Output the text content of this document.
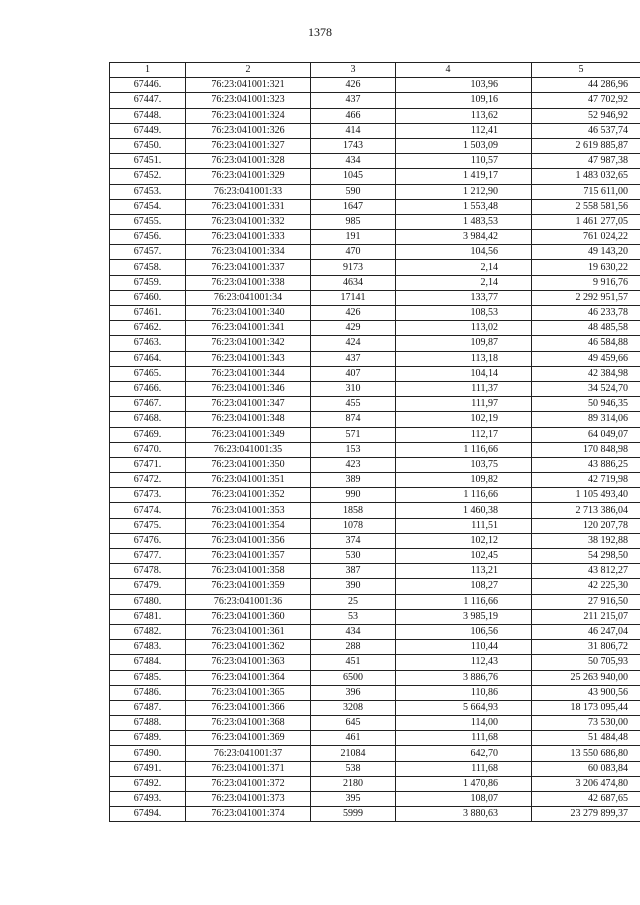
1378
1	2	3	4	5
67446.	76:23:041001:321	426	103,96	44 286,96
67447.	76:23:041001:323	437	109,16	47 702,92
67448.	76:23:041001:324	466	113,62	52 946,92
67449.	76:23:041001:326	414	112,41	46 537,74
67450.	76:23:041001:327	1743	1 503,09	2 619 885,87
67451.	76:23:041001:328	434	110,57	47 987,38
67452.	76:23:041001:329	1045	1 419,17	1 483 032,65
67453.	76:23:041001:33	590	1 212,90	715 611,00
67454.	76:23:041001:331	1647	1 553,48	2 558 581,56
67455.	76:23:041001:332	985	1 483,53	1 461 277,05
67456.	76:23:041001:333	191	3 984,42	761 024,22
67457.	76:23:041001:334	470	104,56	49 143,20
67458.	76:23:041001:337	9173	2,14	19 630,22
67459.	76:23:041001:338	4634	2,14	9 916,76
67460.	76:23:041001:34	17141	133,77	2 292 951,57
67461.	76:23:041001:340	426	108,53	46 233,78
67462.	76:23:041001:341	429	113,02	48 485,58
67463.	76:23:041001:342	424	109,87	46 584,88
67464.	76:23:041001:343	437	113,18	49 459,66
67465.	76:23:041001:344	407	104,14	42 384,98
67466.	76:23:041001:346	310	111,37	34 524,70
67467.	76:23:041001:347	455	111,97	50 946,35
67468.	76:23:041001:348	874	102,19	89 314,06
67469.	76:23:041001:349	571	112,17	64 049,07
67470.	76:23:041001:35	153	1 116,66	170 848,98
67471.	76:23:041001:350	423	103,75	43 886,25
67472.	76:23:041001:351	389	109,82	42 719,98
67473.	76:23:041001:352	990	1 116,66	1 105 493,40
67474.	76:23:041001:353	1858	1 460,38	2 713 386,04
67475.	76:23:041001:354	1078	111,51	120 207,78
67476.	76:23:041001:356	374	102,12	38 192,88
67477.	76:23:041001:357	530	102,45	54 298,50
67478.	76:23:041001:358	387	113,21	43 812,27
67479.	76:23:041001:359	390	108,27	42 225,30
67480.	76:23:041001:36	25	1 116,66	27 916,50
67481.	76:23:041001:360	53	3 985,19	211 215,07
67482.	76:23:041001:361	434	106,56	46 247,04
67483.	76:23:041001:362	288	110,44	31 806,72
67484.	76:23:041001:363	451	112,43	50 705,93
67485.	76:23:041001:364	6500	3 886,76	25 263 940,00
67486.	76:23:041001:365	396	110,86	43 900,56
67487.	76:23:041001:366	3208	5 664,93	18 173 095,44
67488.	76:23:041001:368	645	114,00	73 530,00
67489.	76:23:041001:369	461	111,68	51 484,48
67490.	76:23:041001:37	21084	642,70	13 550 686,80
67491.	76:23:041001:371	538	111,68	60 083,84
67492.	76:23:041001:372	2180	1 470,86	3 206 474,80
67493.	76:23:041001:373	395	108,07	42 687,65
67494.	76:23:041001:374	5999	3 880,63	23 279 899,37
